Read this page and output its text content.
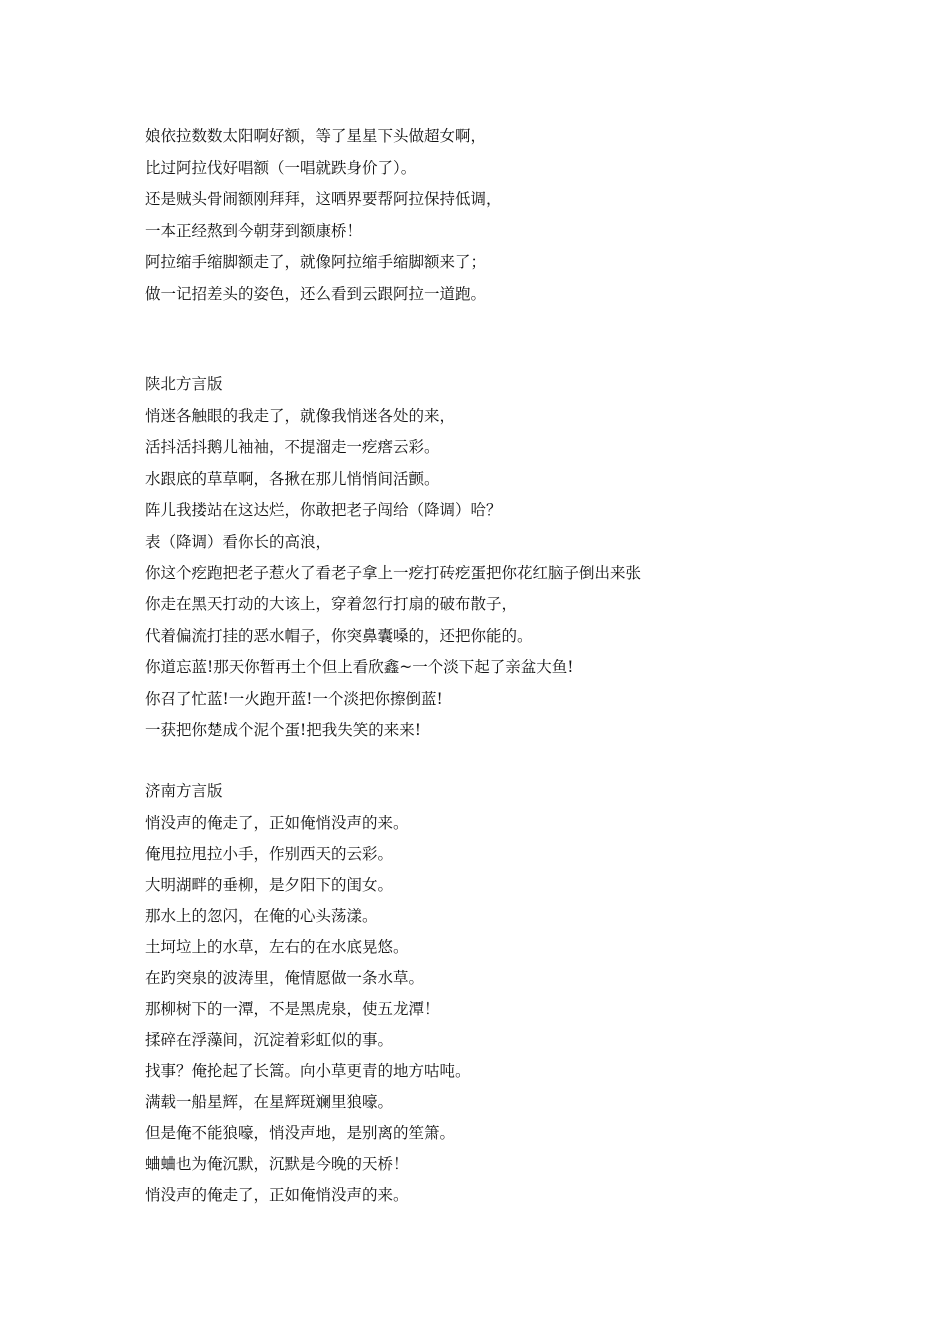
娘依拉数数太阳啊好额，等了星星下头做超女啊，
比过阿拉伐好唱额（一唱就跌身价了）。
还是贼头骨闹额刚拜拜，这哂界要帮阿拉保持低调，
一本正经熬到今朝芽到额康桥！
阿拉缩手缩脚额走了，就像阿拉缩手缩脚额来了；
做一记招差头的姿色，还么看到云跟阿拉一道跑。
陕北方言版
悄迷各触眼的我走了，就像我悄迷各处的来，
活抖活抖鹅儿袖袖，不提溜走一疙瘩云彩。
水跟底的草草啊，各揪在那儿悄悄间活颤。
阵儿我搂站在这达烂，你敢把老子闯给（降调）哈？
表（降调）看你长的高浪，
你这个疙跑把老子惹火了看老子拿上一疙打砖疙蛋把你花红脑子倒出来张
你走在黑天打动的大该上，穿着忽行打扇的破布散子，
代着偏流打挂的恶水帽子，你突鼻囊嗓的，还把你能的。
你道忘蓝!那天你暂再土个但上看欣鑫~一个淡下起了亲盆大鱼!
你召了忙蓝!一火跑开蓝!一个淡把你擦倒蓝!
一获把你楚成个泥个蛋!把我失笑的来来!
济南方言版
悄没声的俺走了，正如俺悄没声的来。
俺甩拉甩拉小手，作别西天的云彩。
大明湖畔的垂柳，是夕阳下的闺女。
那水上的忽闪，在俺的心头荡漾。
土坷垃上的水草，左右的在水底晃悠。
在趵突泉的波涛里，俺情愿做一条水草。
那柳树下的一潭，不是黑虎泉，使五龙潭！
揉碎在浮藻间，沉淀着彩虹似的事。
找事？俺抡起了长篙。向小草更青的地方咕吨。
满载一船星辉，在星辉斑斓里狼嚎。
但是俺不能狼嚎，悄没声地，是别离的笙箫。
蛐蛐也为俺沉默，沉默是今晚的天桥！
悄没声的俺走了，正如俺悄没声的来。
